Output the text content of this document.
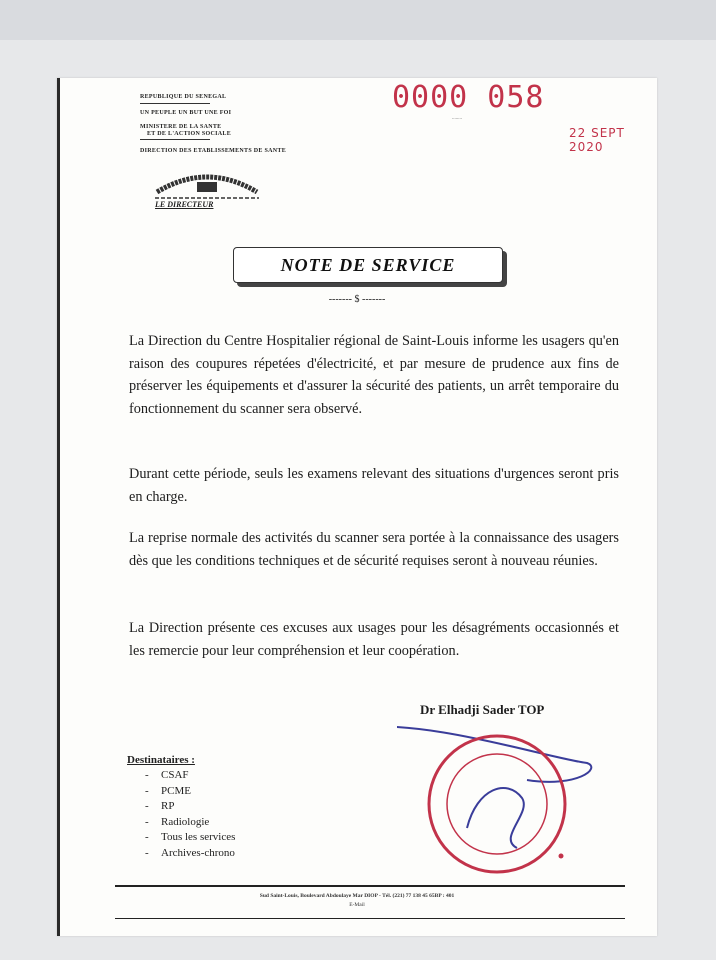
REPUBLIQUE DU SENEGAL
UN PEUPLE UN BUT UNE FOI
MINISTERE DE LA SANTE
ET DE L'ACTION SOCIALE
DIRECTION DES ETABLISSEMENTS DE SANTE
LE DIRECTEUR
0000 058
........
22 SEPT 2020
NOTE DE SERVICE
------- $ -------
La Direction du Centre Hospitalier régional de Saint-Louis informe les usagers qu'en raison des coupures répetées d'électricité, et par mesure de prudence aux fins de préserver les équipements et d'assurer la sécurité des patients, un arrêt temporaire du fonctionnement du scanner sera observé.
Durant cette période, seuls les examens relevant des situations d'urgences seront pris en charge.
La reprise normale des activités du scanner sera portée à la connaissance des usagers dès que les conditions techniques et de sécurité requises seront à nouveau réunies.
La Direction présente ces excuses aux usages pour les désagréments occasionnés et les remercie pour leur compréhension et leur coopération.
Dr Elhadji Sader TOP
Destinataires :
- CSAF
- PCME
- RP
- Radiologie
- Tous les services
- Archives-chrono
Sud Saint-Louis, Boulevard Abdoulaye Mar DIOP - Tél. (221) 77 138 45 65BP : 401
E-Mail
